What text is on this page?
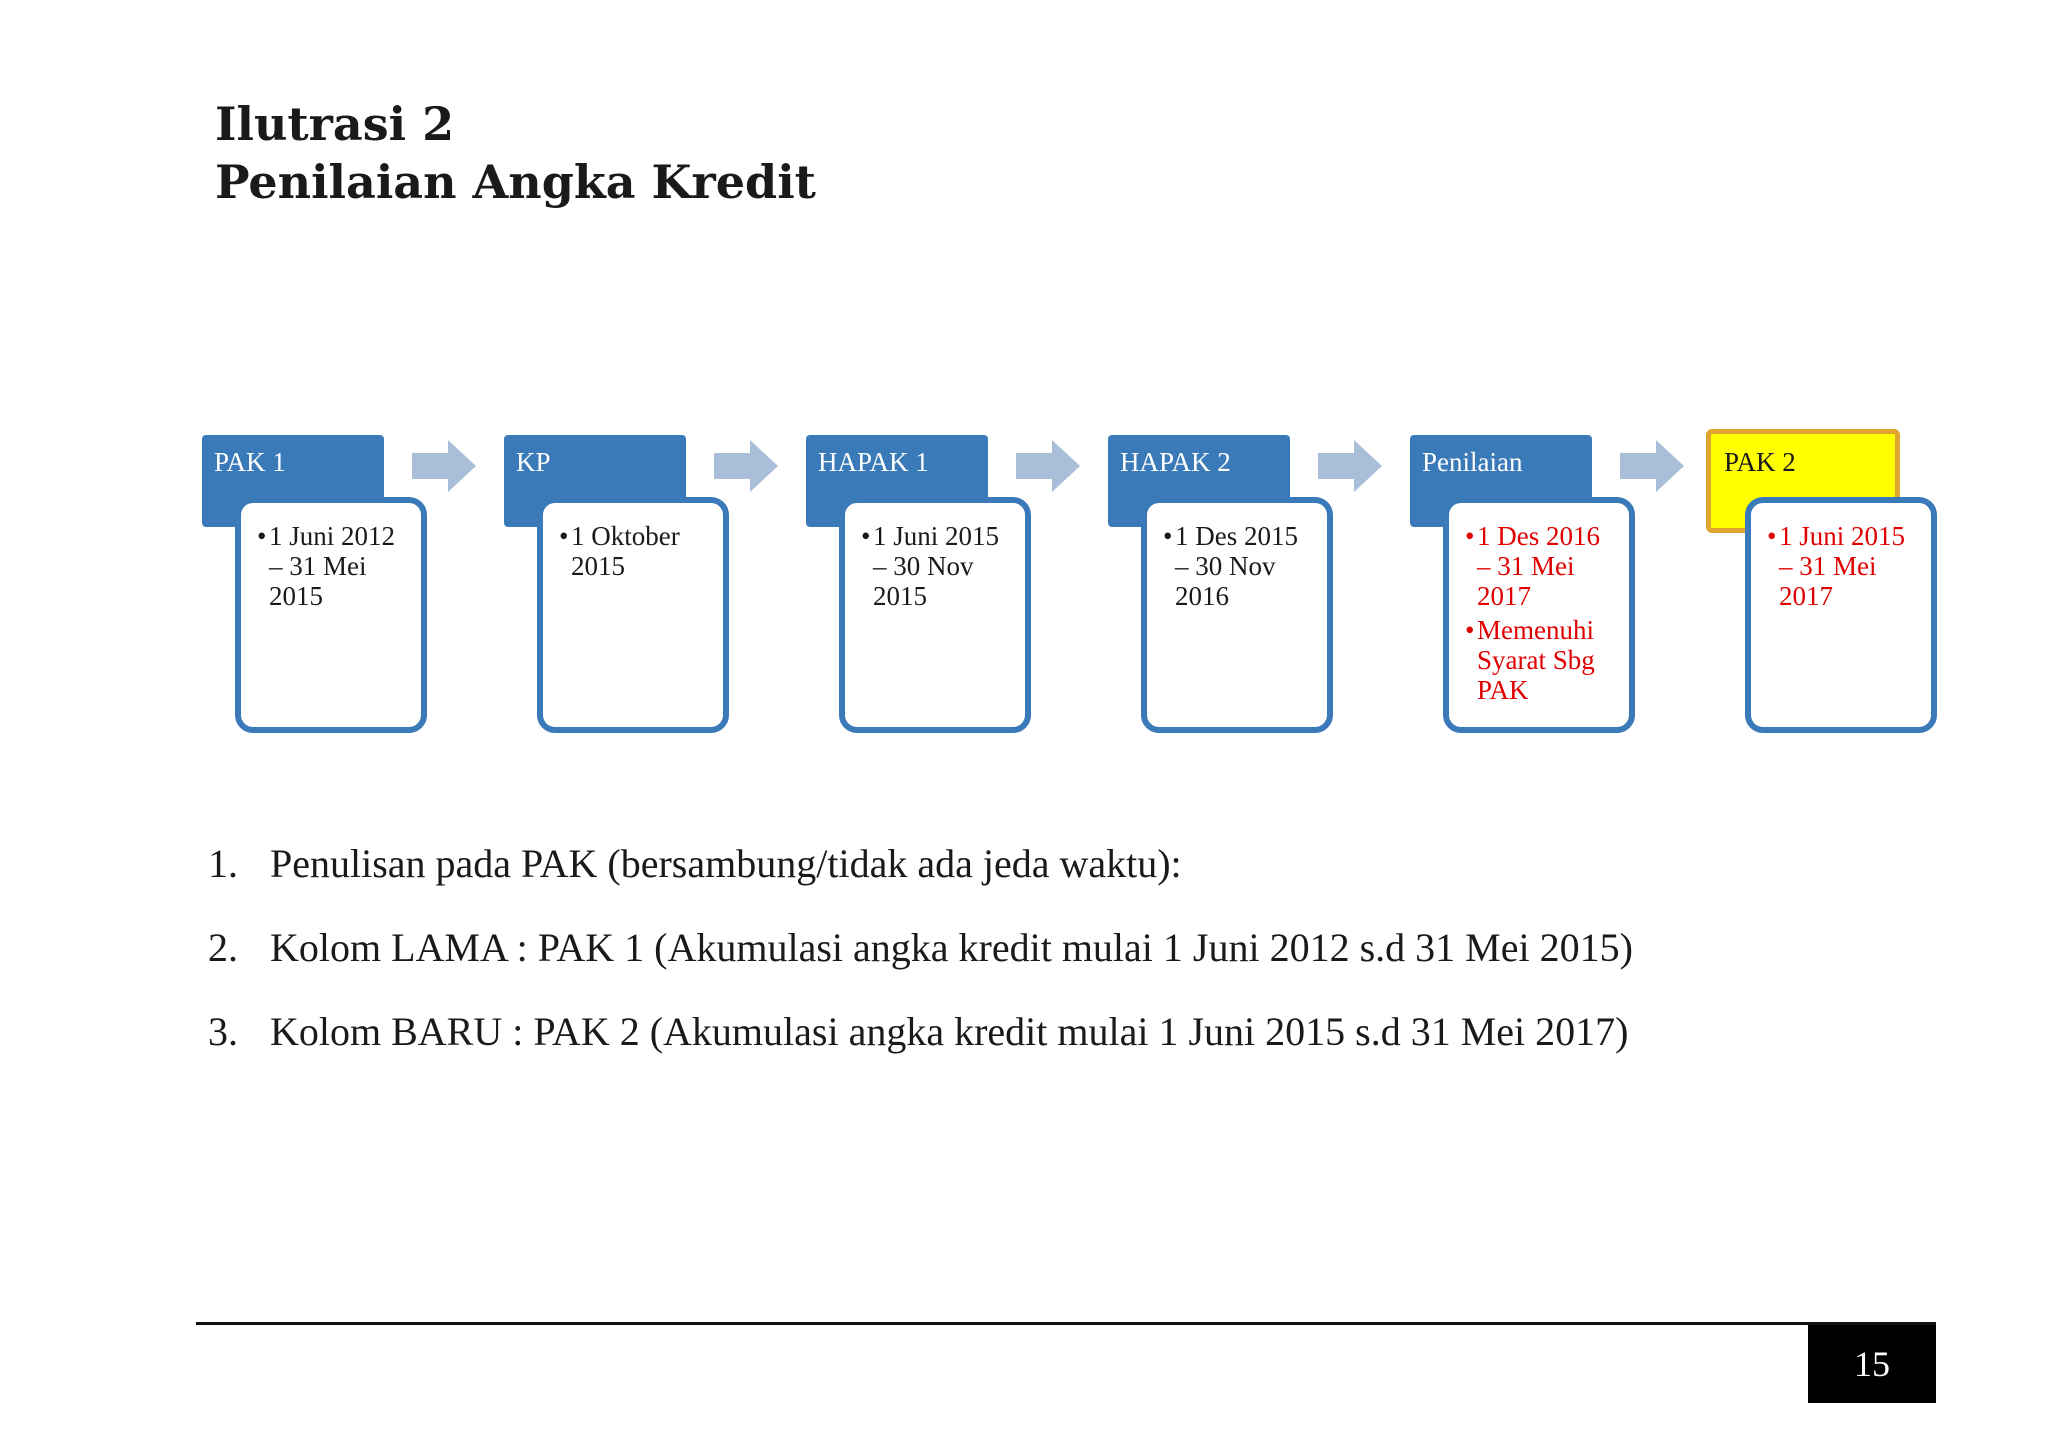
Ilutrasi 2
Penilaian Angka Kredit
PAK 1
• 1 Juni 2012 – 31 Mei 2015
KP
• 1 Oktober 2015
HAPAK 1
• 1 Juni 2015 – 30 Nov 2015
HAPAK 2
• 1 Des 2015 – 30 Nov 2016
Penilaian
• 1 Des 2016 – 31 Mei 2017
• Memenuhi Syarat Sbg PAK
PAK 2
• 1 Juni 2015 – 31 Mei 2017
1. Penulisan pada PAK (bersambung/tidak ada jeda waktu):
2. Kolom LAMA : PAK 1 (Akumulasi angka kredit mulai 1 Juni 2012 s.d 31 Mei 2015)
3. Kolom BARU : PAK 2 (Akumulasi angka kredit mulai 1 Juni 2015 s.d 31 Mei 2017)
15
